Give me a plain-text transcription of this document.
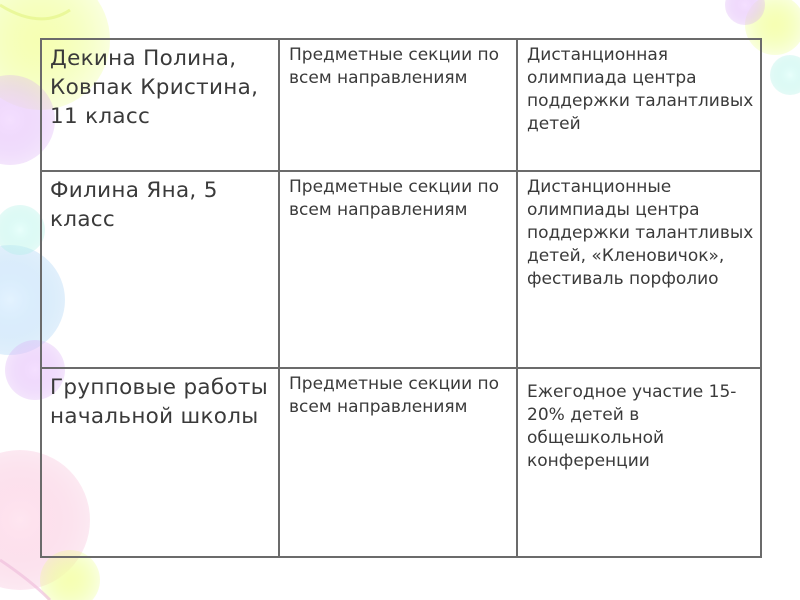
Декина Полина, Ковпак Кристина, 11 класс	Предметные секции по всем направлениям	Дистанционная олимпиада центра поддержки талантливых детей
Филина Яна, 5 класс	Предметные секции по всем направлениям	Дистанционные олимпиады центра поддержки талантливых детей, «Кленовичок», фестиваль порфолио
Групповые работы начальной школы	Предметные секции по всем направлениям	Ежегодное участие 15-20% детей в общешкольной конференции
